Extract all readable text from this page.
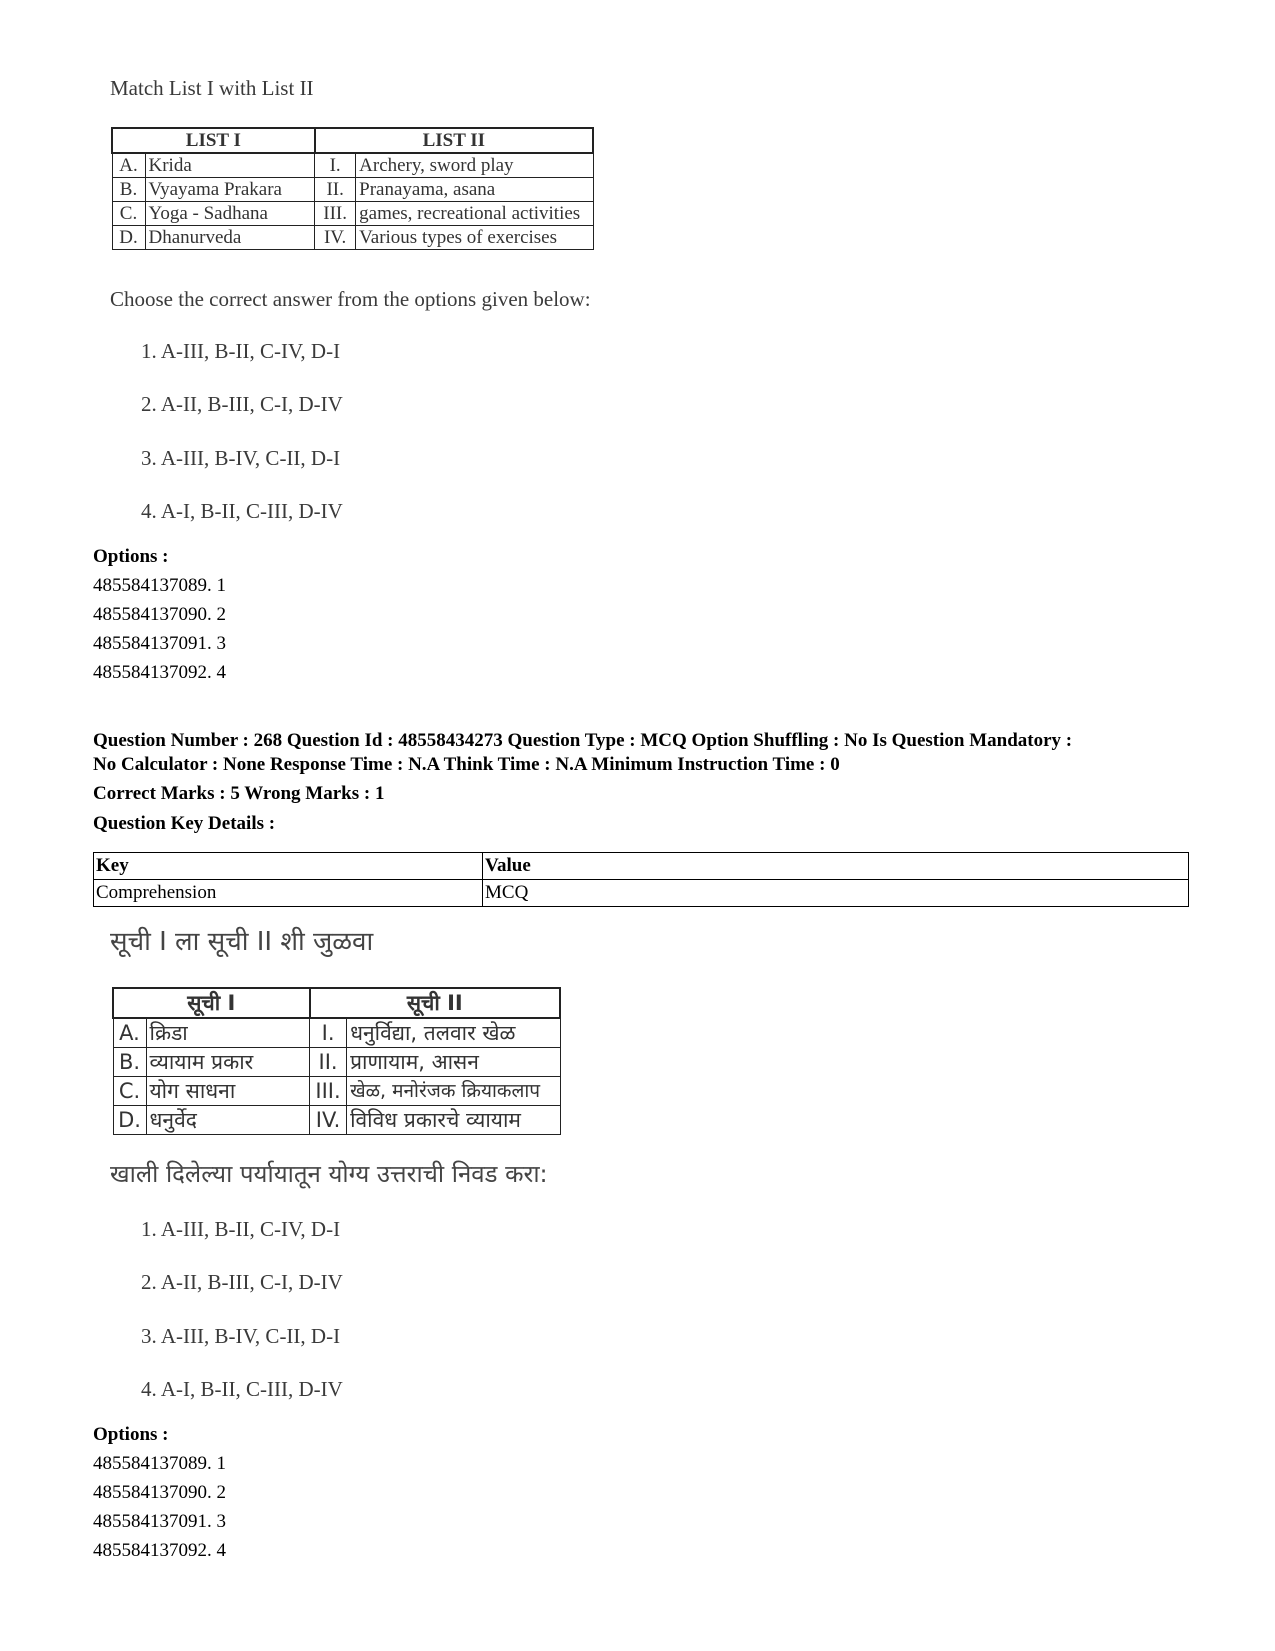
Match List I with List II
LIST I		LIST II	
A.	Krida	I.	Archery, sword play
B.	Vyayama Prakara	II.	Pranayama, asana
C.	Yoga - Sadhana	III.	games, recreational activities
D.	Dhanurveda	IV.	Various types of exercises
Choose the correct answer from the options given below:
1. A-III, B-II, C-IV, D-I
2. A-II, B-III, C-I, D-IV
3. A-III, B-IV, C-II, D-I
4. A-I, B-II, C-III, D-IV
Options :
485584137089. 1
485584137090. 2
485584137091. 3
485584137092. 4
Question Number : 268 Question Id : 48558434273 Question Type : MCQ Option Shuffling : No Is Question Mandatory :
No Calculator : None Response Time : N.A Think Time : N.A Minimum Instruction Time : 0
Correct Marks : 5 Wrong Marks : 1
Question Key Details :
Key	Value
Comprehension	MCQ
सूची I ला सूची II शी जुळवा
सूची I		सूची II	
A.	क्रिडा	I.	धनुर्विद्या, तलवार खेळ
B.	व्यायाम प्रकार	II.	प्राणायाम, आसन
C.	योग साधना	III.	खेळ, मनोरंजक क्रियाकलाप
D.	धनुर्वेद	IV.	विविध प्रकारचे व्यायाम
खाली दिलेल्या पर्यायातून योग्य उत्तराची निवड करा:
1. A-III, B-II, C-IV, D-I
2. A-II, B-III, C-I, D-IV
3. A-III, B-IV, C-II, D-I
4. A-I, B-II, C-III, D-IV
Options :
485584137089. 1
485584137090. 2
485584137091. 3
485584137092. 4
